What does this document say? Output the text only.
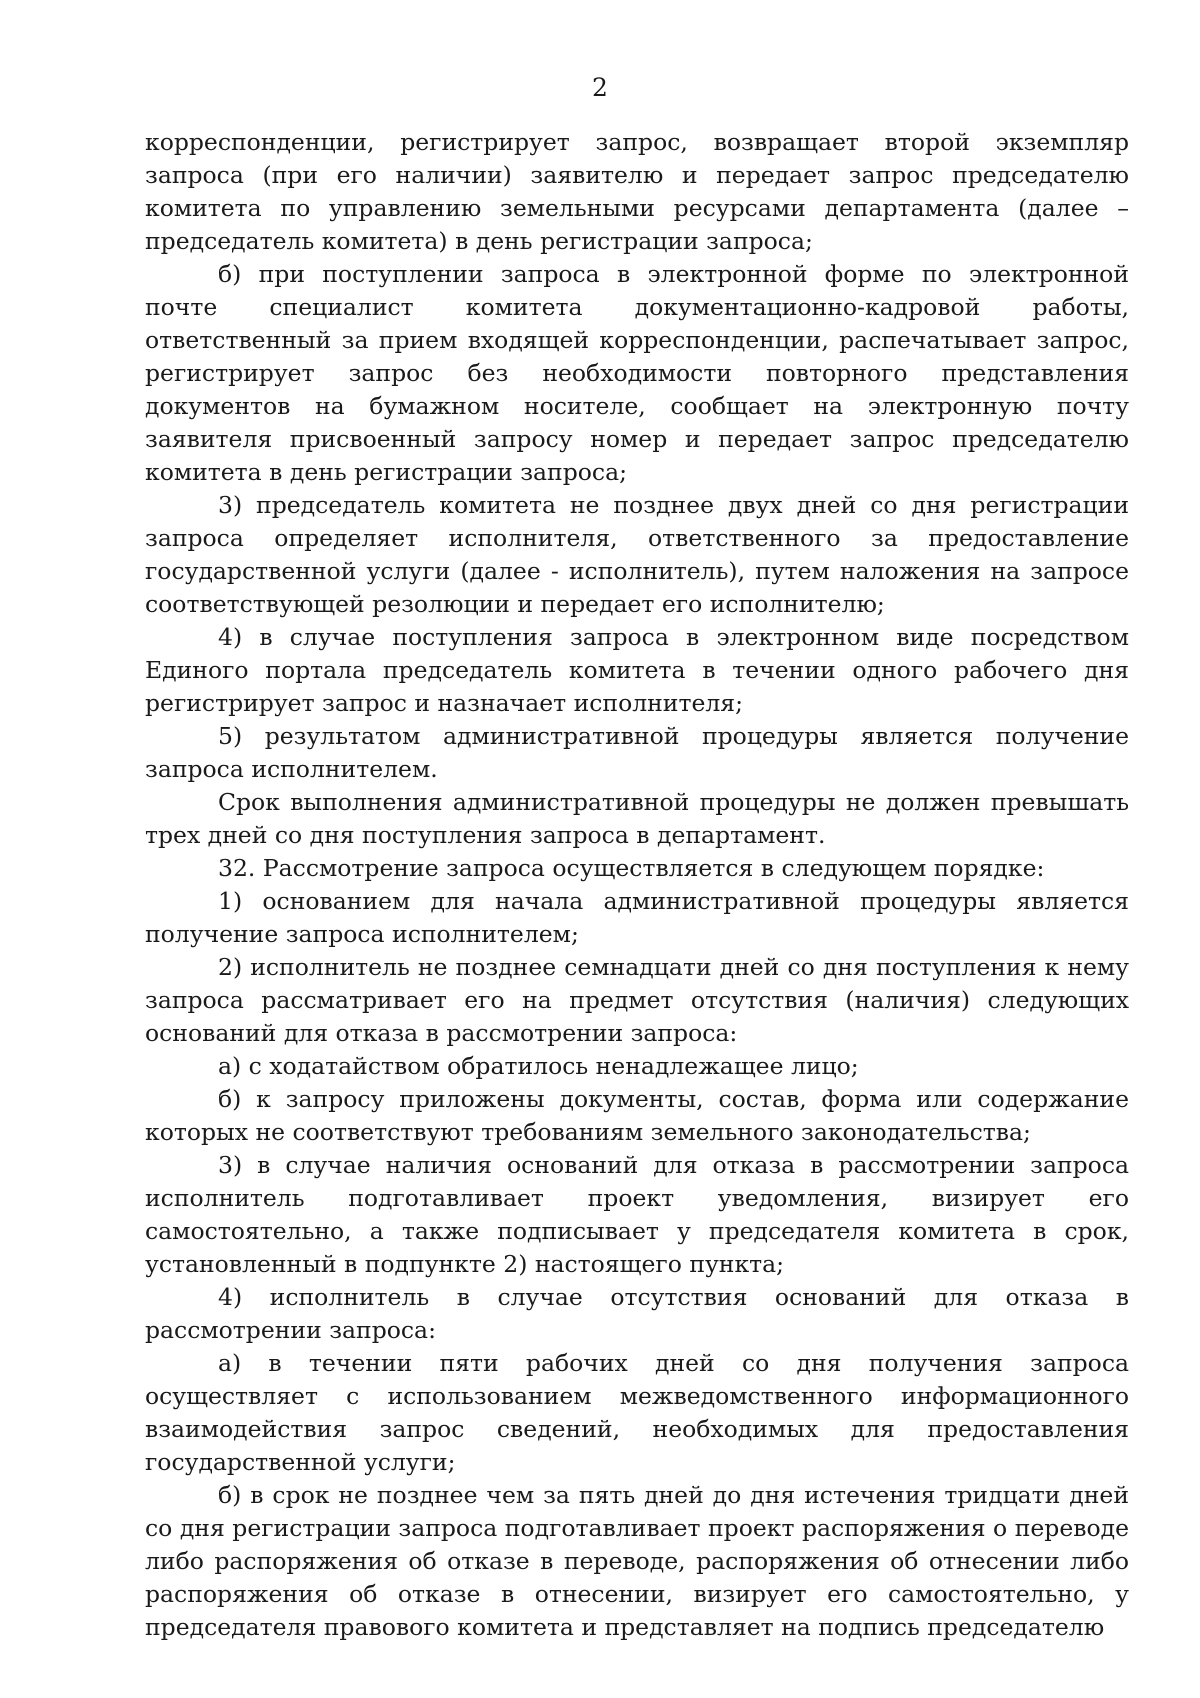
2

корреспонденции, регистрирует запрос, возвращает второй экземпляр запроса (при его наличии) заявителю и передает запрос председателю комитета по управлению земельными ресурсами департамента (далее – председатель комитета) в день регистрации запроса;

б) при поступлении запроса в электронной форме по электронной почте специалист комитета документационно-кадровой работы, ответственный за прием входящей корреспонденции, распечатывает запрос, регистрирует запрос без необходимости повторного представления документов на бумажном носителе, сообщает на электронную почту заявителя присвоенный запросу номер и передает запрос председателю комитета в день регистрации запроса;

3) председатель комитета не позднее двух дней со дня регистрации запроса определяет исполнителя, ответственного за предоставление государственной услуги (далее - исполнитель), путем наложения на запросе соответствующей резолюции и передает его исполнителю;

4) в случае поступления запроса в электронном виде посредством Единого портала председатель комитета в течении одного рабочего дня регистрирует запрос и назначает исполнителя;

5) результатом административной процедуры является получение запроса исполнителем.

Срок выполнения административной процедуры не должен превышать трех дней со дня поступления запроса в департамент.

32. Рассмотрение запроса осуществляется в следующем порядке:

1) основанием для начала административной процедуры является получение запроса исполнителем;

2) исполнитель не позднее семнадцати дней со дня поступления к нему запроса рассматривает его на предмет отсутствия (наличия) следующих оснований для отказа в рассмотрении запроса:

а) с ходатайством обратилось ненадлежащее лицо;

б) к запросу приложены документы, состав, форма или содержание которых не соответствуют требованиям земельного законодательства;

3) в случае наличия оснований для отказа в рассмотрении запроса исполнитель подготавливает проект уведомления, визирует его самостоятельно, а также подписывает у председателя комитета в срок, установленный в подпункте 2) настоящего пункта;

4) исполнитель в случае отсутствия оснований для отказа в рассмотрении запроса:

а) в течении пяти рабочих дней со дня получения запроса осуществляет с использованием межведомственного информационного взаимодействия запрос сведений, необходимых для предоставления государственной услуги;

б) в срок не позднее чем за пять дней до дня истечения тридцати дней со дня регистрации запроса подготавливает проект распоряжения о переводе либо распоряжения об отказе в переводе, распоряжения об отнесении либо распоряжения об отказе в отнесении, визирует его самостоятельно, у председателя правового комитета и представляет на подпись председателю
